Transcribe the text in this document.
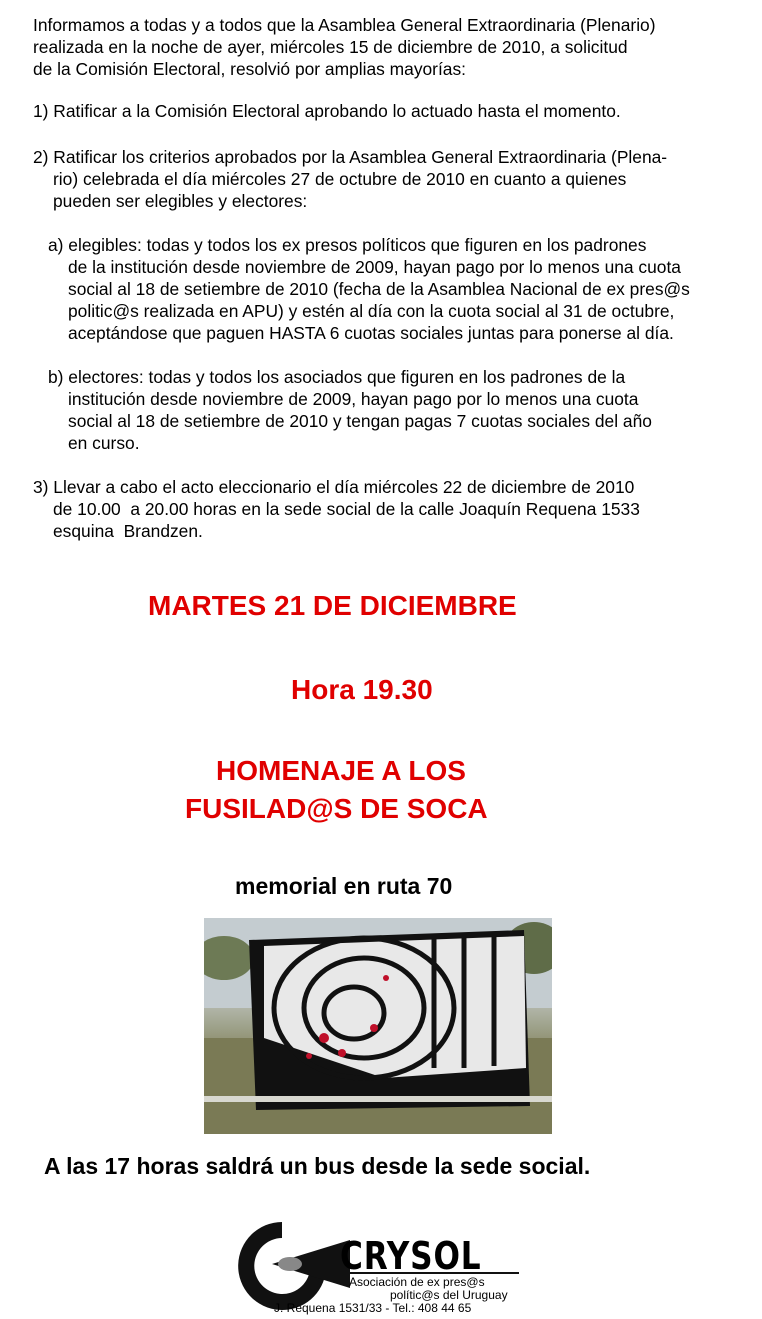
Informamos a todas y a todos que la Asamblea General Extraordinaria (Plenario)
realizada en la noche de ayer, miércoles 15 de diciembre de 2010, a solicitud
de la Comisión Electoral, resolvió por amplias mayorías:
1) Ratificar a la Comisión Electoral aprobando lo actuado hasta el momento.
2) Ratificar los criterios aprobados por la Asamblea General Extraordinaria (Plena-
rio) celebrada el día miércoles 27 de octubre de 2010 en cuanto a quienes
pueden ser elegibles y electores:
a) elegibles: todas y todos los ex presos políticos que figuren en los padrones
de la institución desde noviembre de 2009, hayan pago por lo menos una cuota
social al 18 de setiembre de 2010 (fecha de la Asamblea Nacional de ex pres@s
politic@s realizada en APU) y estén al día con la cuota social al 31 de octubre,
aceptándose que paguen HASTA 6 cuotas sociales juntas para ponerse al día.
b) electores: todas y todos los asociados que figuren en los padrones de la
institución desde noviembre de 2009, hayan pago por lo menos una cuota
social al 18 de setiembre de 2010 y tengan pagas 7 cuotas sociales del año
en curso.
3) Llevar a cabo el acto eleccionario el día miércoles 22 de diciembre de 2010
de 10.00  a 20.00 horas en la sede social de la calle Joaquín Requena 1533
esquina  Brandzen.
MARTES 21 DE DICIEMBRE
Hora 19.30
HOMENAJE A LOS
FUSILAD@S DE SOCA
memorial en ruta 70
A las 17 horas saldrá un bus desde la sede social.
CRYSOL
Asociación de ex pres@s
polític@s del Uruguay
J. Requena 1531/33 - Tel.: 408 44 65
